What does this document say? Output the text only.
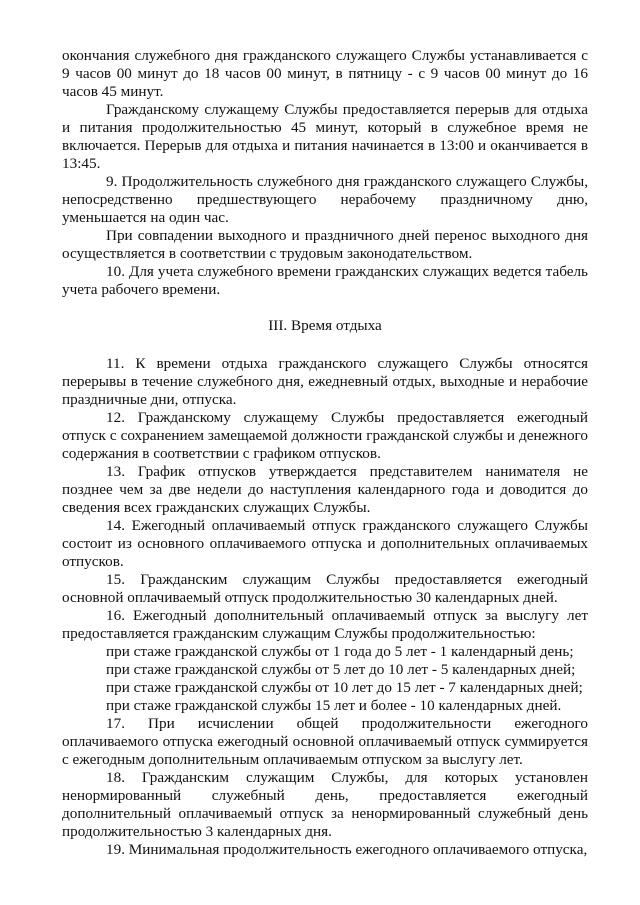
окончания служебного дня гражданского служащего Службы устанавливается с 9 часов 00 минут до 18 часов 00 минут, в пятницу - с 9 часов 00 минут до 16 часов 45 минут.

Гражданскому служащему Службы предоставляется перерыв для отдыха и питания продолжительностью 45 минут, который в служебное время не включается. Перерыв для отдыха и питания начинается в 13:00 и оканчивается в 13:45.

9. Продолжительность служебного дня гражданского служащего Службы, непосредственно предшествующего нерабочему праздничному дню, уменьшается на один час.

При совпадении выходного и праздничного дней перенос выходного дня осуществляется в соответствии с трудовым законодательством.

10. Для учета служебного времени гражданских служащих ведется табель учета рабочего времени.

III. Время отдыха

11. К времени отдыха гражданского служащего Службы относятся перерывы в течение служебного дня, ежедневный отдых, выходные и нерабочие праздничные дни, отпуска.

12. Гражданскому служащему Службы предоставляется ежегодный отпуск с сохранением замещаемой должности гражданской службы и денежного содержания в соответствии с графиком отпусков.

13. График отпусков утверждается представителем нанимателя не позднее чем за две недели до наступления календарного года и доводится до сведения всех гражданских служащих Службы.

14. Ежегодный оплачиваемый отпуск гражданского служащего Службы состоит из основного оплачиваемого отпуска и дополнительных оплачиваемых отпусков.

15. Гражданским служащим Службы предоставляется ежегодный основной оплачиваемый отпуск продолжительностью 30 календарных дней.

16. Ежегодный дополнительный оплачиваемый отпуск за выслугу лет предоставляется гражданским служащим Службы продолжительностью:

при стаже гражданской службы от 1 года до 5 лет - 1 календарный день;

при стаже гражданской службы от 5 лет до 10 лет - 5 календарных дней;

при стаже гражданской службы от 10 лет до 15 лет - 7 календарных дней;

при стаже гражданской службы 15 лет и более - 10 календарных дней.

17. При исчислении общей продолжительности ежегодного оплачиваемого отпуска ежегодный основной оплачиваемый отпуск суммируется с ежегодным дополнительным оплачиваемым отпуском за выслугу лет.

18. Гражданским служащим Службы, для которых установлен ненормированный служебный день, предоставляется ежегодный дополнительный оплачиваемый отпуск за ненормированный служебный день продолжительностью 3 календарных дня.

19. Минимальная продолжительность ежегодного оплачиваемого отпуска,
